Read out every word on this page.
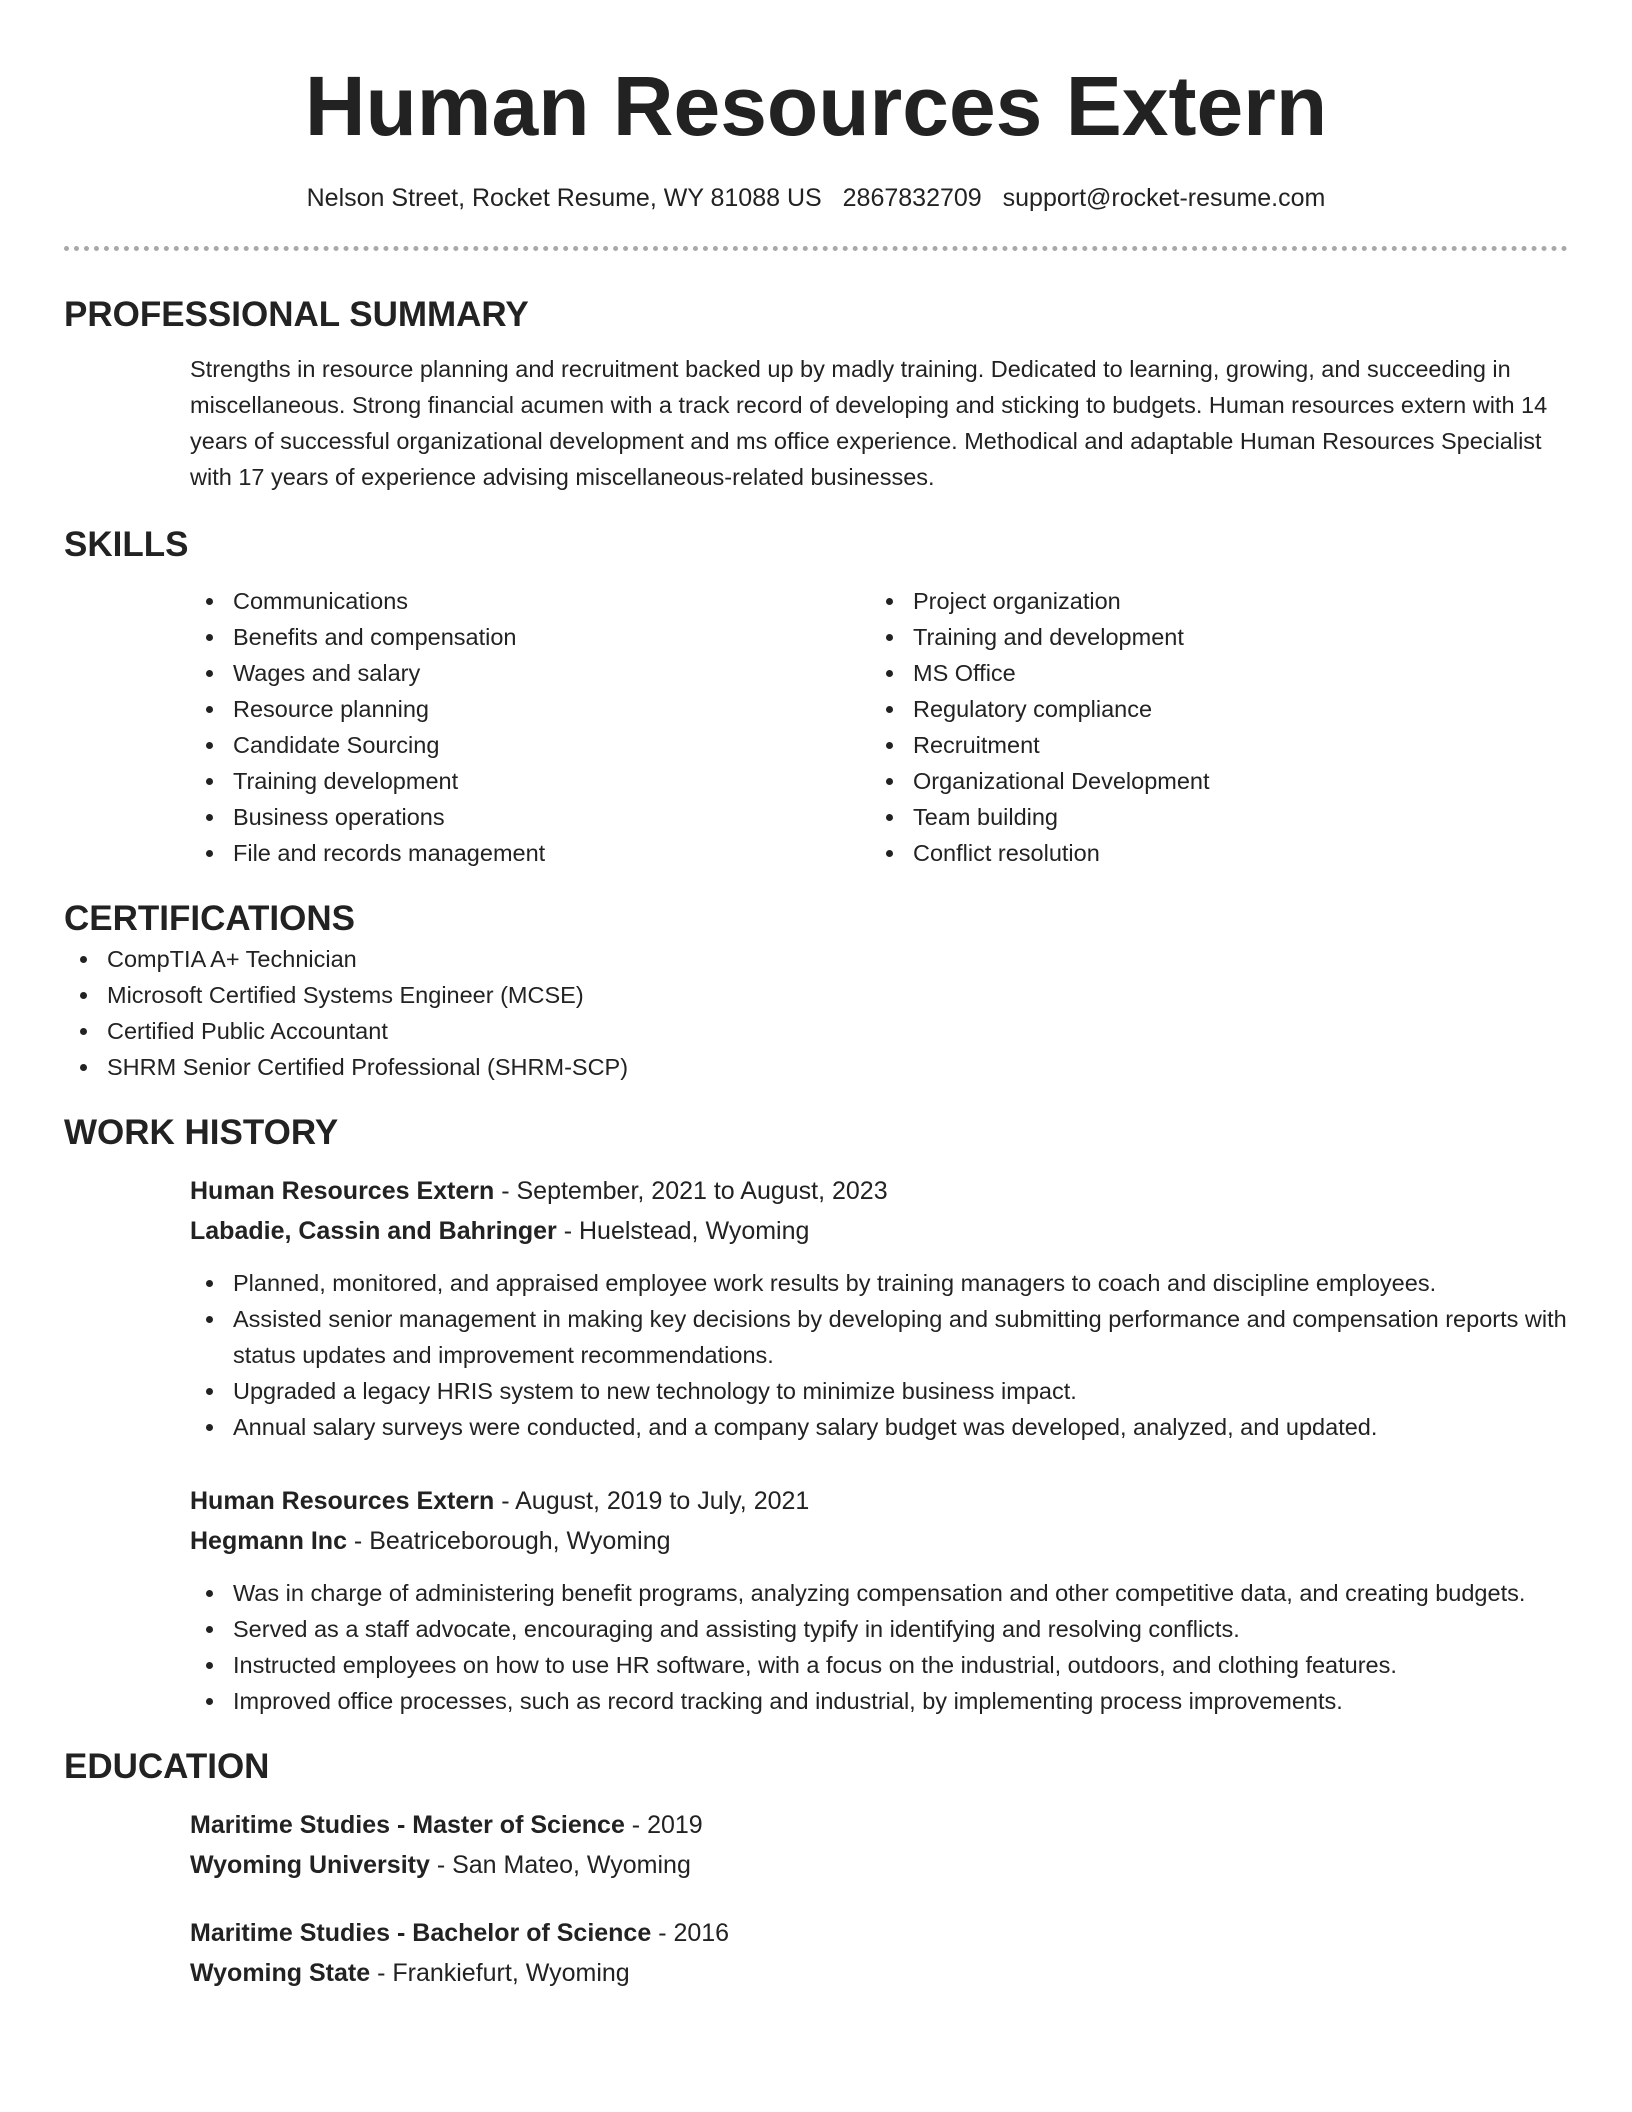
Human Resources Extern
Nelson Street, Rocket Resume, WY 81088 US 2867832709 support@rocket-resume.com
PROFESSIONAL SUMMARY

Strengths in resource planning and recruitment backed up by madly training. Dedicated to learning, growing, and succeeding in miscellaneous. Strong financial acumen with a track record of developing and sticking to budgets. Human resources extern with 14 years of successful organizational development and ms office experience. Methodical and adaptable Human Resources Specialist with 17 years of experience advising miscellaneous-related businesses.

SKILLS
Communications
Benefits and compensation
Wages and salary
Resource planning
Candidate Sourcing
Training development
Business operations
File and records management
Project organization
Training and development
MS Office
Regulatory compliance
Recruitment
Organizational Development
Team building
Conflict resolution
CERTIFICATIONS
CompTIA A+ Technician
Microsoft Certified Systems Engineer (MCSE)
Certified Public Accountant
SHRM Senior Certified Professional (SHRM-SCP)
WORK HISTORY
Human Resources Extern - September, 2021 to August, 2023
Labadie, Cassin and Bahringer - Huelstead, Wyoming
Planned, monitored, and appraised employee work results by training managers to coach and discipline employees.
Assisted senior management in making key decisions by developing and submitting performance and compensation reports with status updates and improvement recommendations.
Upgraded a legacy HRIS system to new technology to minimize business impact.
Annual salary surveys were conducted, and a company salary budget was developed, analyzed, and updated.
Human Resources Extern - August, 2019 to July, 2021
Hegmann Inc - Beatriceborough, Wyoming
Was in charge of administering benefit programs, analyzing compensation and other competitive data, and creating budgets.
Served as a staff advocate, encouraging and assisting typify in identifying and resolving conflicts.
Instructed employees on how to use HR software, with a focus on the industrial, outdoors, and clothing features.
Improved office processes, such as record tracking and industrial, by implementing process improvements.
EDUCATION
Maritime Studies - Master of Science - 2019
Wyoming University - San Mateo, Wyoming
Maritime Studies - Bachelor of Science - 2016
Wyoming State - Frankiefurt, Wyoming
